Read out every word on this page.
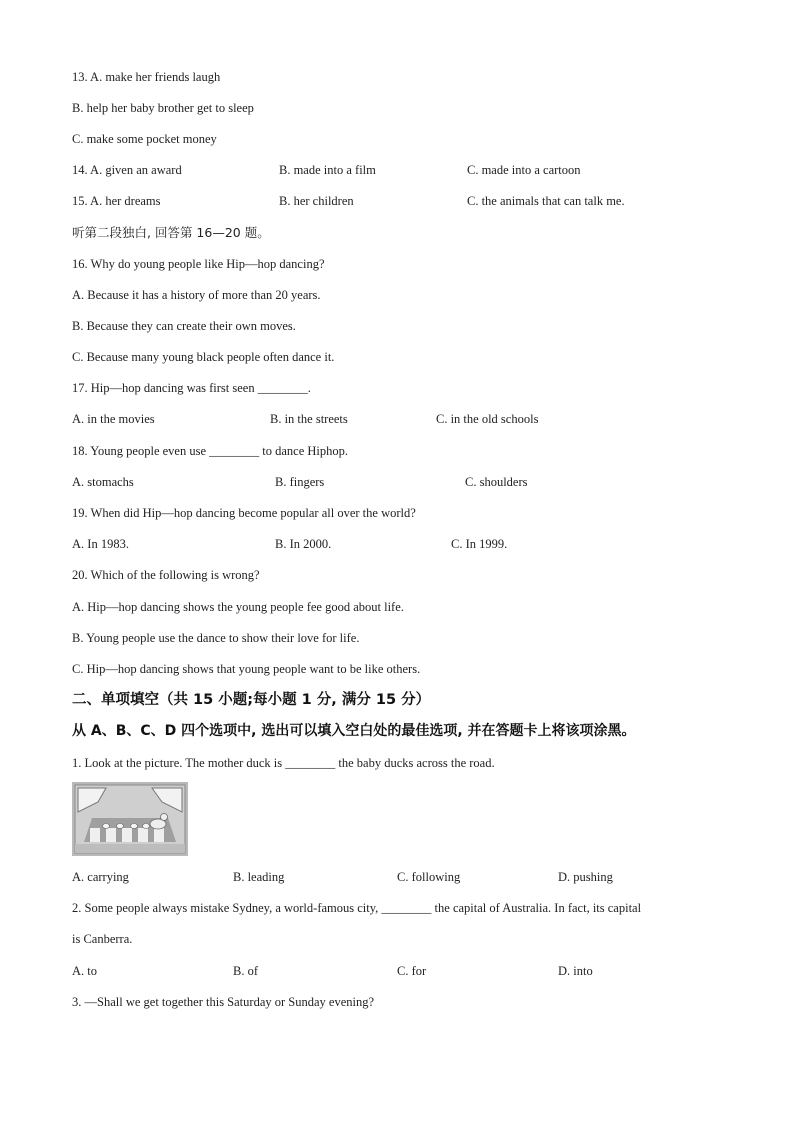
13. A. make her friends laugh
B. help her baby brother get to sleep
C. make some pocket money
14. A. given an award	B. made into a film	C. made into a cartoon
15. A. her dreams	B. her children	C. the animals that can talk me.
听第二段独白, 回答第 16—20 题。
16. Why do young people like Hip—hop dancing?
A. Because it has a history of more than 20 years.
B. Because they can create their own moves.
C. Because many young black people often dance it.
17. Hip—hop dancing was first seen ________.
A. in the movies	B. in the streets	C. in the old schools
18. Young people even use ________ to dance Hiphop.
A. stomachs	B. fingers	C. shoulders
19. When did Hip—hop dancing become popular all over the world?
A. In 1983.	B. In 2000.	C. In 1999.
20. Which of the following is wrong?
A. Hip—hop dancing shows the young people fee good about life.
B. Young people use the dance to show their love for life.
C. Hip—hop dancing shows that young people want to be like others.
二、单项填空（共 15 小题;每小题 1 分, 满分 15 分）
从 A、B、C、D 四个选项中, 选出可以填入空白处的最佳选项, 并在答题卡上将该项涂黑。
1. Look at the picture. The mother duck is ________ the baby ducks across the road.
A. carrying	B. leading	C. following	D. pushing
2. Some people always mistake Sydney, a world-famous city, ________ the capital of Australia. In fact, its capital
is Canberra.
A. to	B. of	C. for	D. into
3. —Shall we get together this Saturday or Sunday evening?
